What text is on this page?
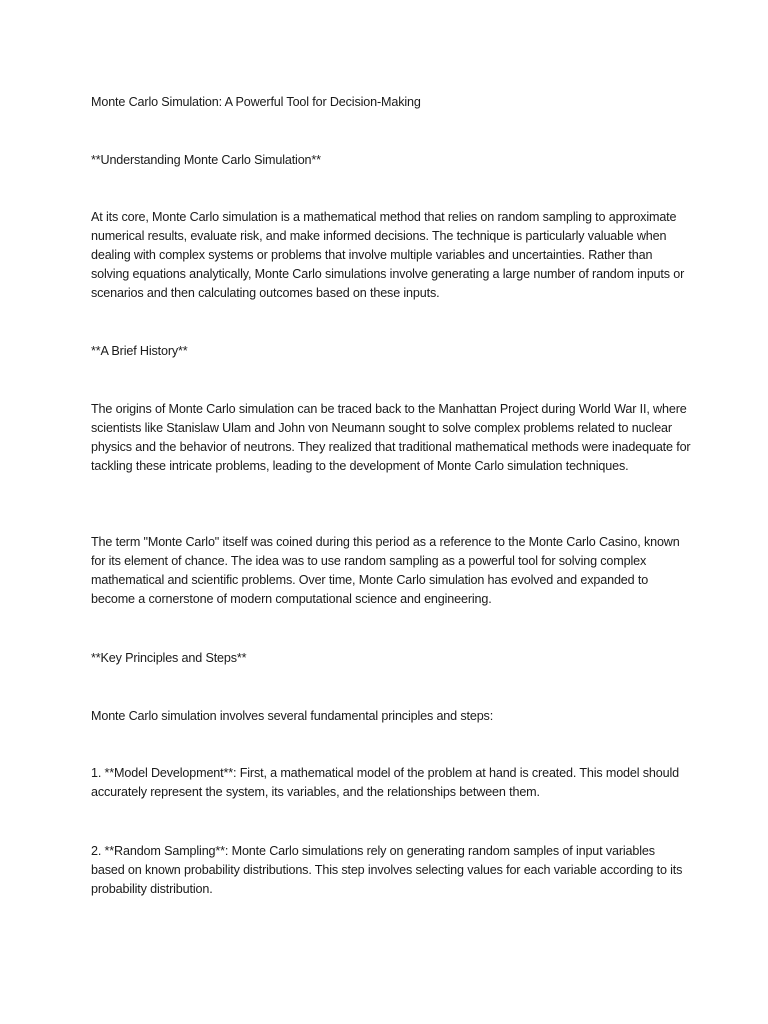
Monte Carlo Simulation: A Powerful Tool for Decision-Making

**Understanding Monte Carlo Simulation**

At its core, Monte Carlo simulation is a mathematical method that relies on random sampling to approximate numerical results, evaluate risk, and make informed decisions. The technique is particularly valuable when dealing with complex systems or problems that involve multiple variables and uncertainties. Rather than solving equations analytically, Monte Carlo simulations involve generating a large number of random inputs or scenarios and then calculating outcomes based on these inputs.

**A Brief History**

The origins of Monte Carlo simulation can be traced back to the Manhattan Project during World War II, where scientists like Stanislaw Ulam and John von Neumann sought to solve complex problems related to nuclear physics and the behavior of neutrons. They realized that traditional mathematical methods were inadequate for tackling these intricate problems, leading to the development of Monte Carlo simulation techniques.

The term "Monte Carlo" itself was coined during this period as a reference to the Monte Carlo Casino, known for its element of chance. The idea was to use random sampling as a powerful tool for solving complex mathematical and scientific problems. Over time, Monte Carlo simulation has evolved and expanded to become a cornerstone of modern computational science and engineering.

**Key Principles and Steps**

Monte Carlo simulation involves several fundamental principles and steps:

1. **Model Development**: First, a mathematical model of the problem at hand is created. This model should accurately represent the system, its variables, and the relationships between them.

2. **Random Sampling**: Monte Carlo simulations rely on generating random samples of input variables based on known probability distributions. This step involves selecting values for each variable according to its probability distribution.
